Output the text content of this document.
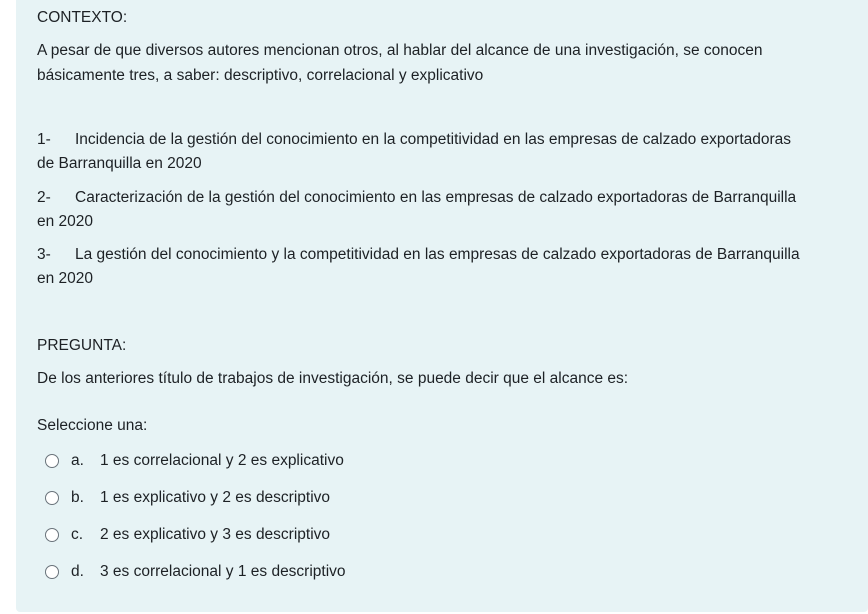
CONTEXTO:
A pesar de que diversos autores mencionan otros, al hablar del alcance de una investigación, se conocen
básicamente tres, a saber: descriptivo, correlacional y explicativo
1- Incidencia de la gestión del conocimiento en la competitividad en las empresas de calzado exportadoras
de Barranquilla en 2020
2- Caracterización de la gestión del conocimiento en las empresas de calzado exportadoras de Barranquilla
en 2020
3- La gestión del conocimiento y la competitividad en las empresas de calzado exportadoras de Barranquilla
en 2020
PREGUNTA:
De los anteriores título de trabajos de investigación, se puede decir que el alcance es:
Seleccione una:
a.	1 es correlacional y 2 es explicativo
b.	1 es explicativo y 2 es descriptivo
c.	2 es explicativo y 3 es descriptivo
d.	3 es correlacional y 1 es descriptivo
